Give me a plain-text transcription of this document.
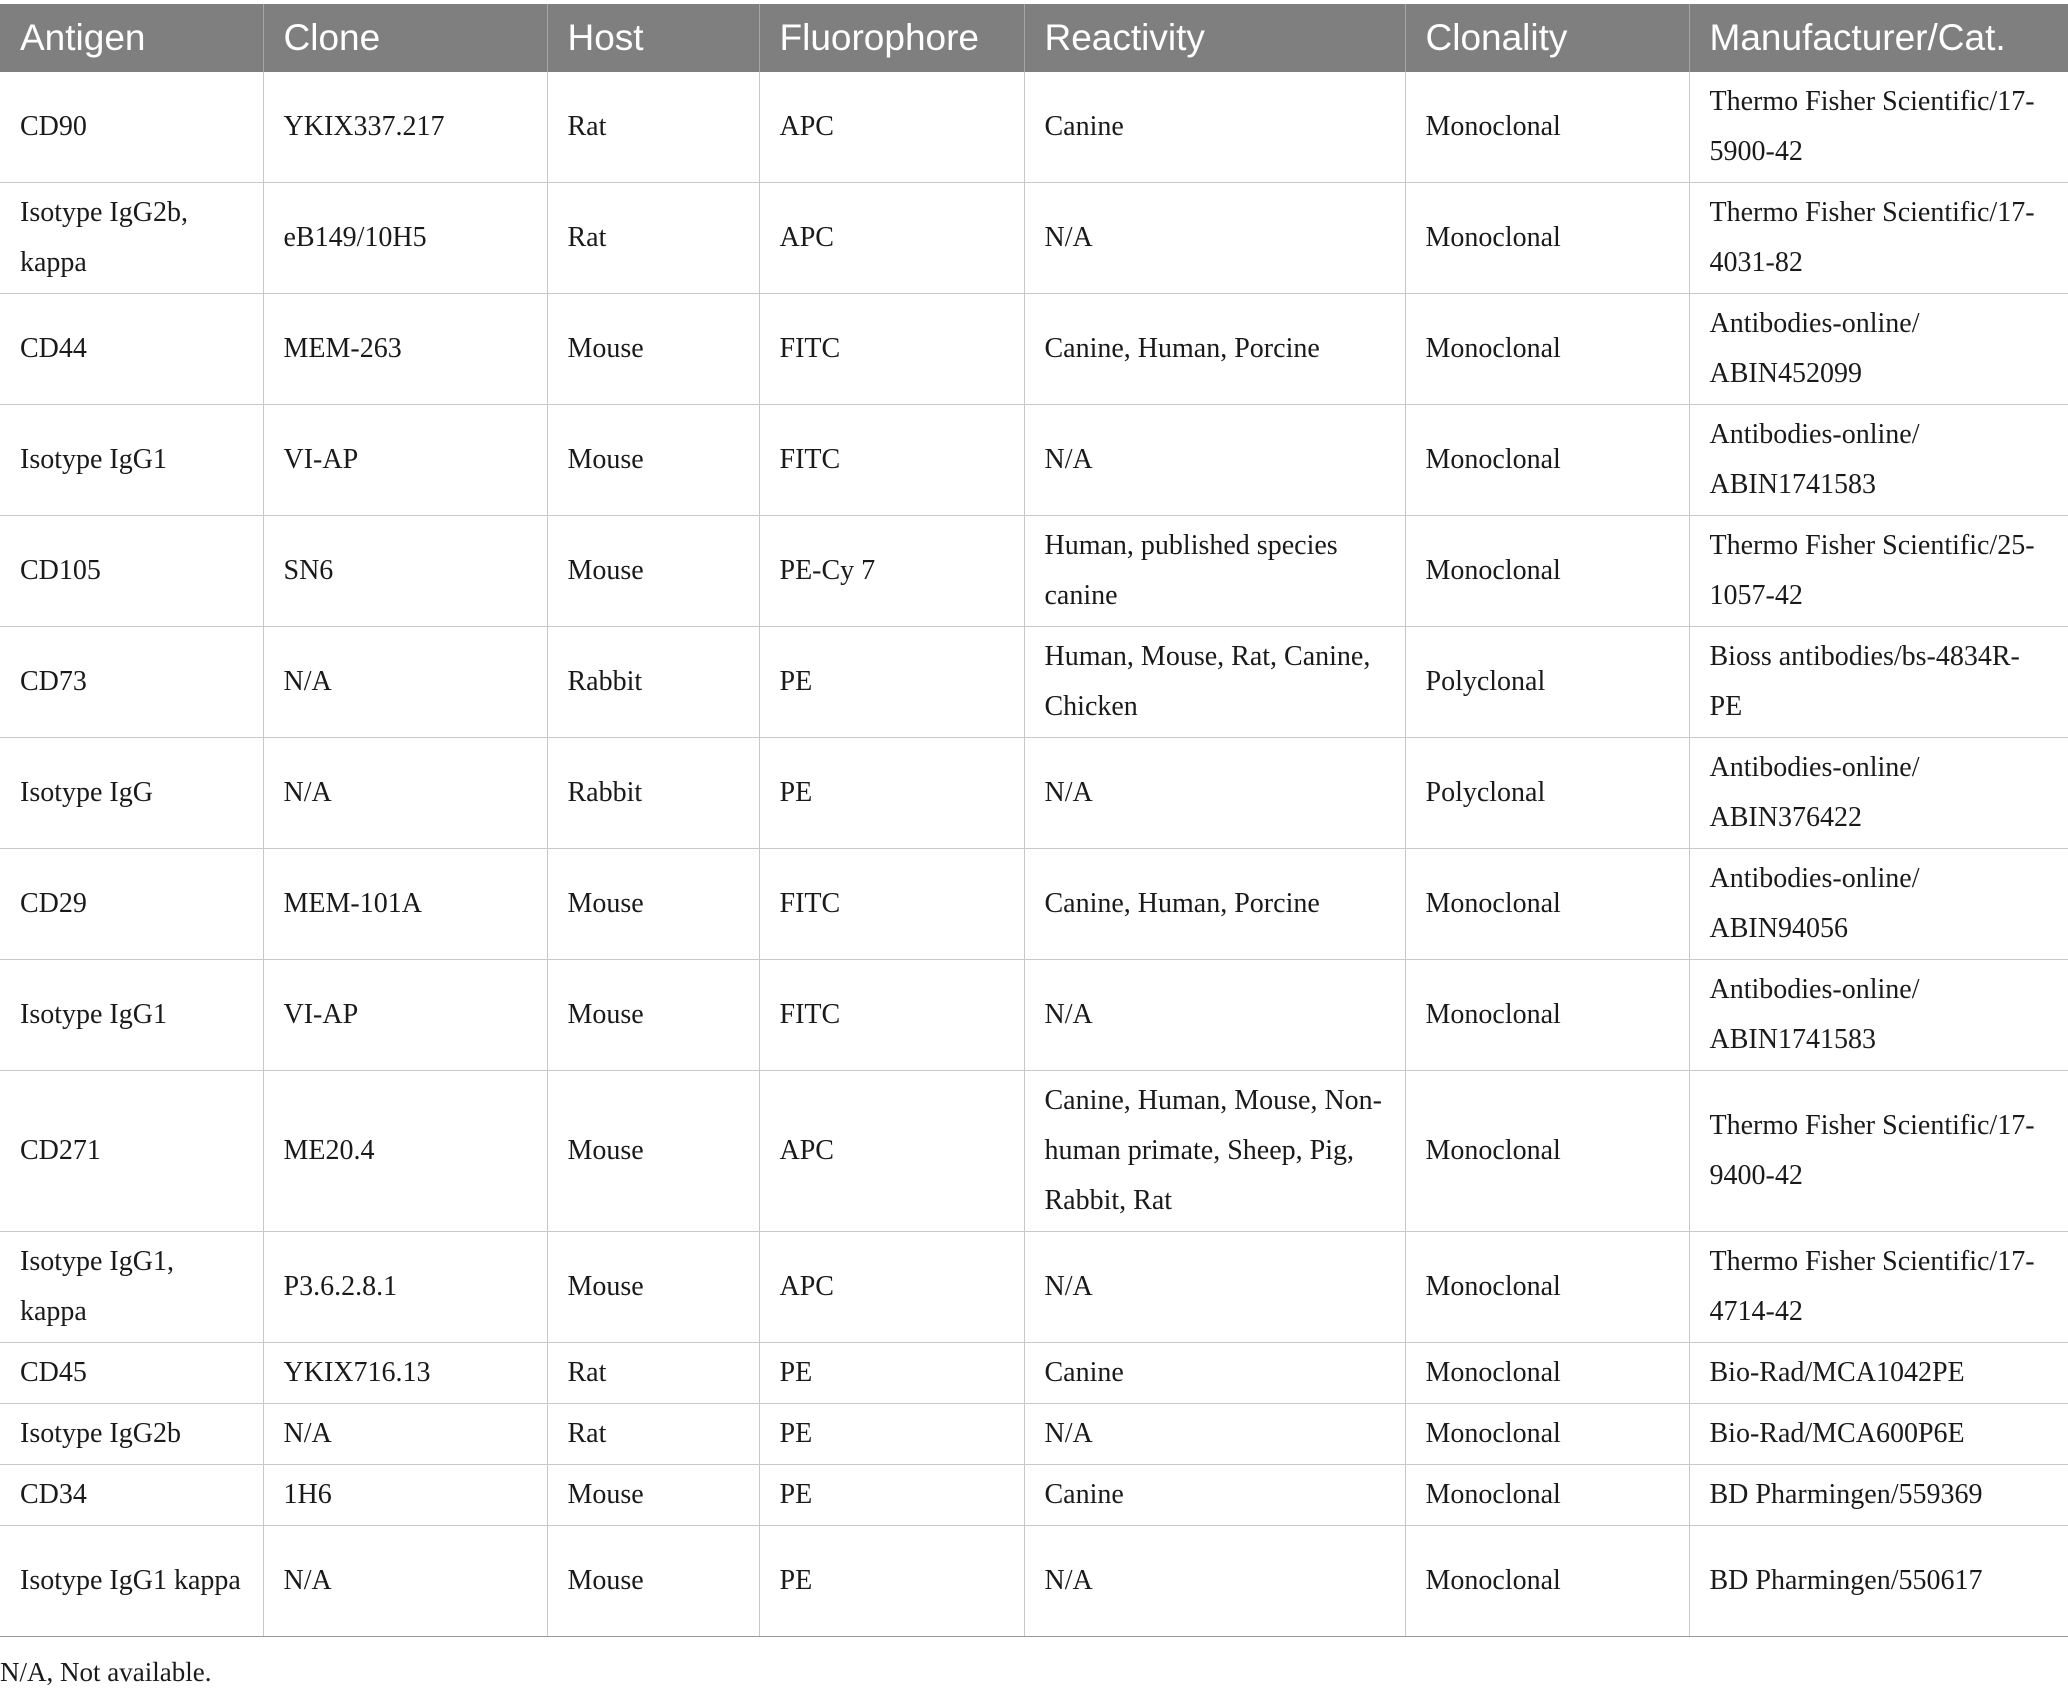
Antigen	Clone	Host	Fluorophore	Reactivity	Clonality	Manufacturer/Cat.
CD90	YKIX337.217	Rat	APC	Canine	Monoclonal	Thermo Fisher Scientific/17-5900-42
Isotype IgG2b, kappa	eB149/10H5	Rat	APC	N/A	Monoclonal	Thermo Fisher Scientific/17-4031-82
CD44	MEM-263	Mouse	FITC	Canine, Human, Porcine	Monoclonal	Antibodies-online/ ABIN452099
Isotype IgG1	VI-AP	Mouse	FITC	N/A	Monoclonal	Antibodies-online/ ABIN1741583
CD105	SN6	Mouse	PE-Cy 7	Human, published species canine	Monoclonal	Thermo Fisher Scientific/25-1057-42
CD73	N/A	Rabbit	PE	Human, Mouse, Rat, Canine, Chicken	Polyclonal	Bioss antibodies/bs-4834R-PE
Isotype IgG	N/A	Rabbit	PE	N/A	Polyclonal	Antibodies-online/ ABIN376422
CD29	MEM-101A	Mouse	FITC	Canine, Human, Porcine	Monoclonal	Antibodies-online/ ABIN94056
Isotype IgG1	VI-AP	Mouse	FITC	N/A	Monoclonal	Antibodies-online/ ABIN1741583
CD271	ME20.4	Mouse	APC	Canine, Human, Mouse, Non-human primate, Sheep, Pig, Rabbit, Rat	Monoclonal	Thermo Fisher Scientific/17-9400-42
Isotype IgG1, kappa	P3.6.2.8.1	Mouse	APC	N/A	Monoclonal	Thermo Fisher Scientific/17-4714-42
CD45	YKIX716.13	Rat	PE	Canine	Monoclonal	Bio-Rad/MCA1042PE
Isotype IgG2b	N/A	Rat	PE	N/A	Monoclonal	Bio-Rad/MCA600P6E
CD34	1H6	Mouse	PE	Canine	Monoclonal	BD Pharmingen/559369
Isotype IgG1 kappa	N/A	Mouse	PE	N/A	Monoclonal	BD Pharmingen/550617
N/A, Not available.
